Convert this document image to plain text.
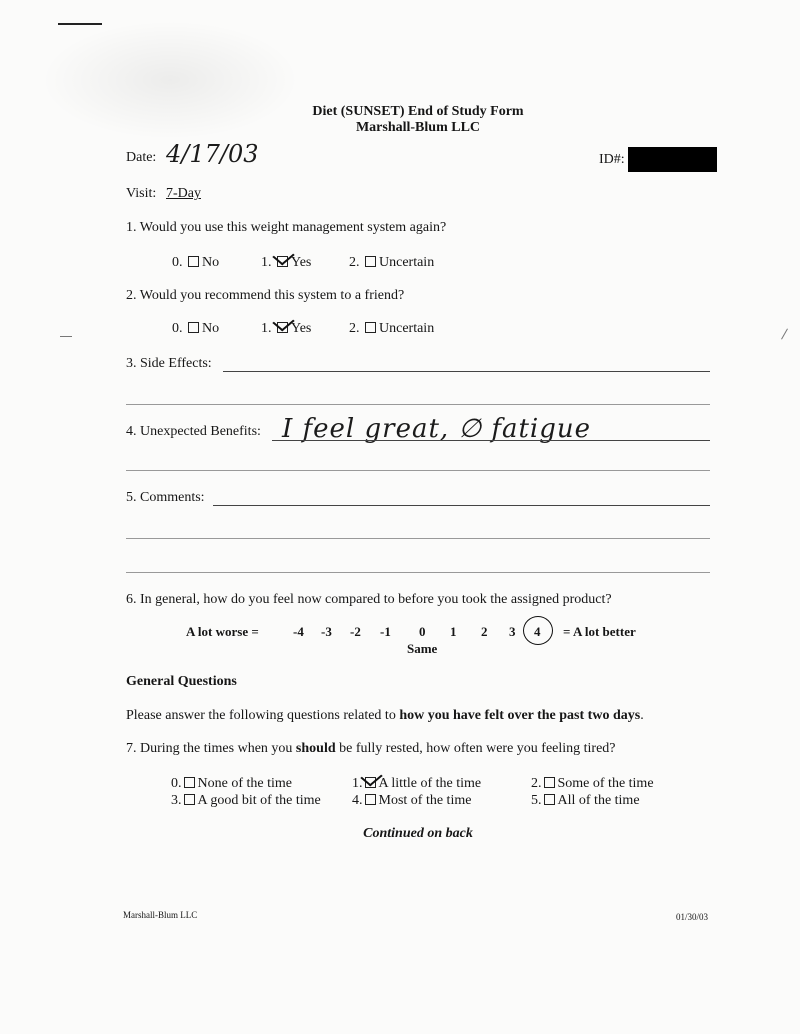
Diet (SUNSET) End of Study Form
Marshall-Blum LLC
Date: 4/17/03	ID#:
Visit: 7-Day
1. Would you use this weight management system again?
0. No	1. Yes	2. Uncertain
2. Would you recommend this system to a friend?
0. No	1. Yes	2. Uncertain
3. Side Effects:
4. Unexpected Benefits: I feel great, ∅ fatigue
5. Comments:
6. In general, how do you feel now compared to before you took the assigned product?
A lot worse =	-4 -3 -2 -1 0 1 2 3 4 = A lot better
Same
General Questions
Please answer the following questions related to how you have felt over the past two days.
7. During the times when you should be fully rested, how often were you feeling tired?
0. None of the time	1. A little of the time	2. Some of the time
3. A good bit of the time 4. Most of the time	5. All of the time
Continued on back
Marshall-Blum LLC	01/30/03
